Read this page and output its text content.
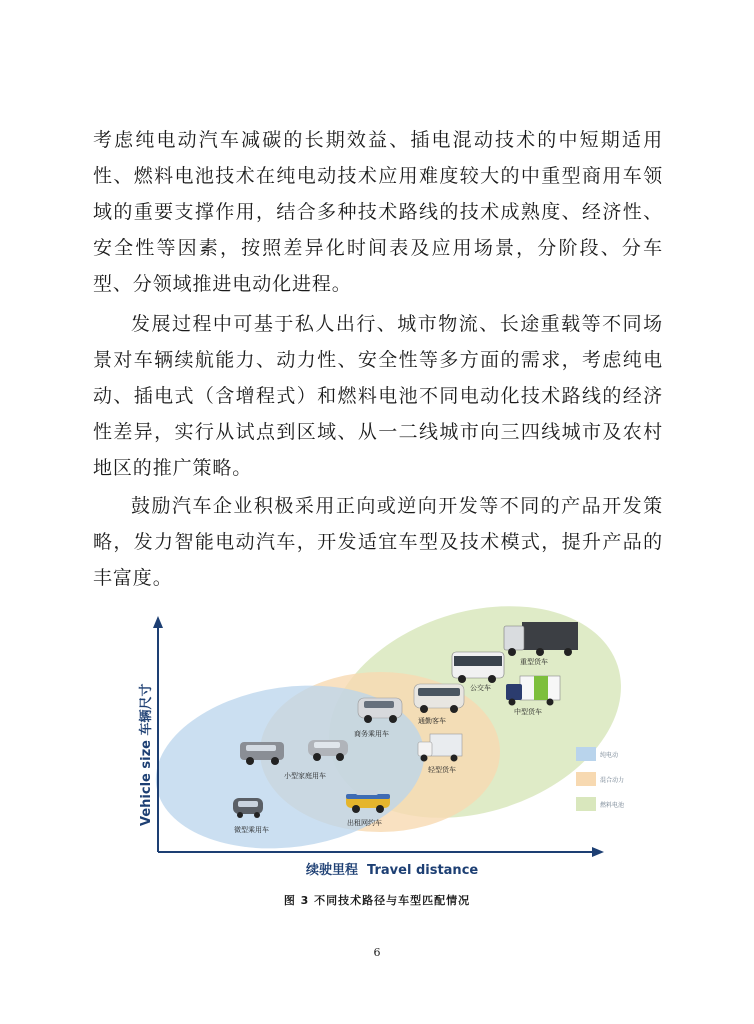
考虑纯电动汽车减碳的长期效益、插电混动技术的中短期适用性、燃料电池技术在纯电动技术应用难度较大的中重型商用车领域的重要支撑作用，结合多种技术路线的技术成熟度、经济性、安全性等因素，按照差异化时间表及应用场景，分阶段、分车型、分领域推进电动化进程。

发展过程中可基于私人出行、城市物流、长途重载等不同场景对车辆续航能力、动力性、安全性等多方面的需求，考虑纯电动、插电式（含增程式）和燃料电池不同电动化技术路线的经济性差异，实行从试点到区域、从一二线城市向三四线城市及农村地区的推广策略。

鼓励汽车企业积极采用正向或逆向开发等不同的产品开发策略，发力智能电动汽车，开发适宜车型及技术模式，提升产品的丰富度。

微型乘用车
小型家庭用车
商务乘用车
出租网约车
通勤客车
轻型货车
公交车
中型货车
重型货车
纯电动
混合动力
燃料电池
续驶里程  Travel distance
Vehicle size 车辆尺寸
图 3 不同技术路径与车型匹配情况
6
